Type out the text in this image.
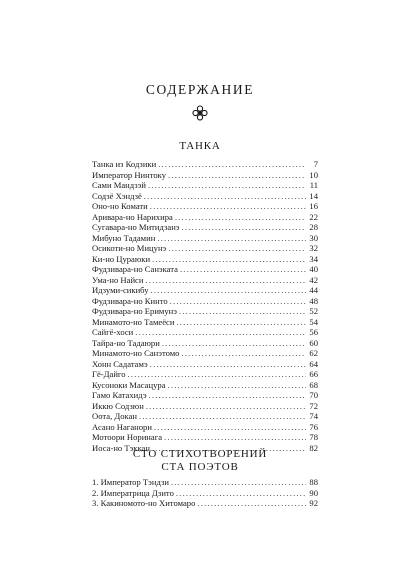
СОДЕРЖАНИЕ
ТАНКА
Танка из Кодзики .....	7
Император Нинтоку .....	10
Сами Мандзэй .....	11
Содзё Хэндзё .....	14
Оно-но Комати .....	16
Аривара-но Нарихира .....	22
Сугавара-но Митидзанэ .....	28
Мибуно Тадамин .....	30
Осикоти-но Мицунэ .....	32
Ки-но Цураюки .....	34
Фудзивара-но Санэката .....	40
Ума-но Найси .....	42
Идзуми-сикибу .....	44
Фудзивара-но Кинто .....	48
Фудзивара-но Еримунэ .....	52
Минамото-но Тамеёси .....	54
Сайгё-хоси .....	56
Тайра-но Тадаюри .....	60
Минамото-но Санэтомо .....	62
Хонн Садатамэ .....	64
Гё-Дайго .....	66
Кусоноки Масацура .....	68
Гамо Катахидэ .....	70
Иккю Содзюн .....	72
Оота, Докан .....	74
Асано Наганори .....	76
Мотоори Норинага .....	78
Иоса-но Тэккан .....	82
СТО СТИХОТВОРЕНИЙ
СТА ПОЭТОВ
1. Император Тэндзи .....	88
2. Императрица Дзито .....	90
3. Какиномото-но Хитомаро .....	92
